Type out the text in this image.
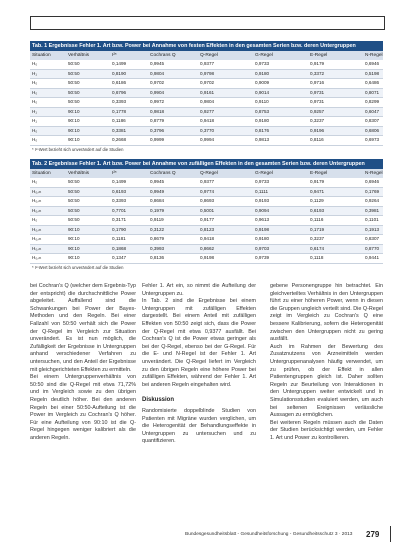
Tab. 1 Ergebnisse Fehler 1. Art bzw. Power bei Annahme von festen Effekten in den gesamten Serien bzw. deren Untergruppen
Situation	Verhältnis	I²*	Cochrans Q	Q-Regel	G-Regel	E-Regel	N-Regel
H₀	50:50	0,1499	0,9945	0,9377	0,9733	0,9179	0,6946
H₁	50:50	0,8190	0,9804	0,9798	0,9180	0,3372	0,5198
H₀	50:50	0,6186	0,9702	0,9702	0,9009	0,9716	0,6486
H₀	50:50	0,6796	0,9904	0,9161	0,9014	0,9731	0,8071
H₀	50:50	0,3393	0,9972	0,9804	0,9110	0,9731	0,8299
H₁	90:10	0,1778	0,9818	0,9277	0,8753	0,9257	0,6047
H₁	90:10	0,1186	0,8779	0,9418	0,9180	0,3237	0,8307
H₀	90:10	0,3381	0,3796	0,3770	0,8176	0,9196	0,6806
H₀	90:10	0,2668	0,9999	0,9994	0,9813	0,8116	0,6973
* I²-Wert bezieht sich unverändert auf die Studien
Tab. 2 Ergebnisse Fehler 1. Art bzw. Power bei Annahme von zufälligen Effekten in den gesamten Serien bzw. deren Untergruppen
Situation	Verhältnis	I²*	Cochrans Q	Q-Regel	G-Regel	E-Regel	N-Regel
H₀	50:50	0,1499	0,9945	0,9377	0,9733	0,9179	0,6946
H₀,ₘ	50:50	0,6193	0,9949	0,9774	0,1111	0,9471	0,1769
H₀,ₘ	50:50	0,3393	0,8684	0,8693	0,9193	0,1129	0,9264
H₀,ₘ	50:50	0,7701	0,1979	0,5001	0,9094	0,6193	0,3981
H₀	50:50	0,3171	0,9119	0,9177	0,9613	0,1116	0,1101
H₀,ₘ	90:10	0,1790	0,3122	0,8123	0,9198	0,1719	0,1913
H₀,ₘ	90:10	0,1181	0,8679	0,9418	0,9180	0,3237	0,8307
H₀,ₘ	90:10	0,1868	0,3993	0,8662	0,9703	0,6174	0,8770
H₀,ₘ	90:10	0,1347	0,8136	0,9198	0,9739	0,1118	0,9441
* I²-Wert bezieht sich unverändert auf die Studien

bei Cochran's Q (welcher dem Ergebnis-Typ der entspricht) die durchschnittliche Power abgeleitet. Auffallend sind die Schwankungen bei Power der Bayes-Methoden und den Regeln. Bei einer Fallzahl von 50:50 verhält sich die Power der Q-Regel im Vergleich zur Situation unverändert. Es ist nun möglich, die Zufälligkeit der Ergebnisse in Untergruppen anhand verschiedener Verfahren zu untersuchen, und den Anteil der Ergebnisse mit gleichgerichteten Effekten zu ermitteln.

Bei einem Untergruppenverhältnis von 50:50 sind die Q-Regel mit etwa 71,72% und im Vergleich sowie zu den übrigen Regeln deutlich höher. Bei den anderen Regeln bei einer 50:50-Aufteilung ist die Power im Vergleich zu Cochran's Q höher. Für eine Aufteilung von 90:10 ist die Q-Regel hingegen weniger kalibriert als die anderen Regeln.

Fehler 1. Art ein, so nimmt die Aufteilung der Untergruppen zu.

In Tab. 2 sind die Ergebnisse bei einem Untergruppen mit zufälligen Effekten dargestellt. Bei einem Anteil mit zufälligen Effekten von 50:50 zeigt sich, dass die Power der Q-Regel mit etwa 0,9377 ausfällt. Bei Cochran's Q ist die Power etwas geringer als bei der Q-Regel, ebenso bei der G-Regel. Für die E- und N-Regel ist der Fehler 1. Art unverändert. Die Q-Regel liefert im Vergleich zu den übrigen Regeln eine höhere Power bei zufälligen Effekten, während der Fehler 1. Art bei anderen Regeln eingehalten wird.

Diskussion

Randomisierte doppelblinde Studien von Patienten mit Migräne wurden verglichen, um die Heterogenität der Behandlungseffekte in Untergruppen zu untersuchen und zu quantifizieren.

gebene Personengruppe hin betrachtet. Ein gleichverteiltes Verhältnis in den Untergruppen führt zu einer höheren Power, wenn in diesen die Gruppen ungleich verteilt sind. Die Q-Regel zeigt im Vergleich zu Cochran's Q eine bessere Kalibrierung, sofern die Heterogenität zwischen den Untergruppen nicht zu gering ausfällt.

Auch im Rahmen der Bewertung des Zusatznutzens von Arzneimitteln werden Untergruppenanalysen häufig verwendet, um zu prüfen, ob der Effekt in allen Patientengruppen gleich ist. Daher sollten Regeln zur Beurteilung von Interaktionen in den Untergruppen weiter entwickelt und in Simulationsstudien evaluiert werden, um auch bei seltenen Ereignissen verlässliche Aussagen zu ermöglichen.

Bei weiteren Regeln müssen auch die Daten der Studien berücksichtigt werden, um Fehler 1. Art und Power zu kontrollieren.

Bundesgesundheitsblatt - Gesundheitsforschung - Gesundheitsschutz 3 · 2013 279
